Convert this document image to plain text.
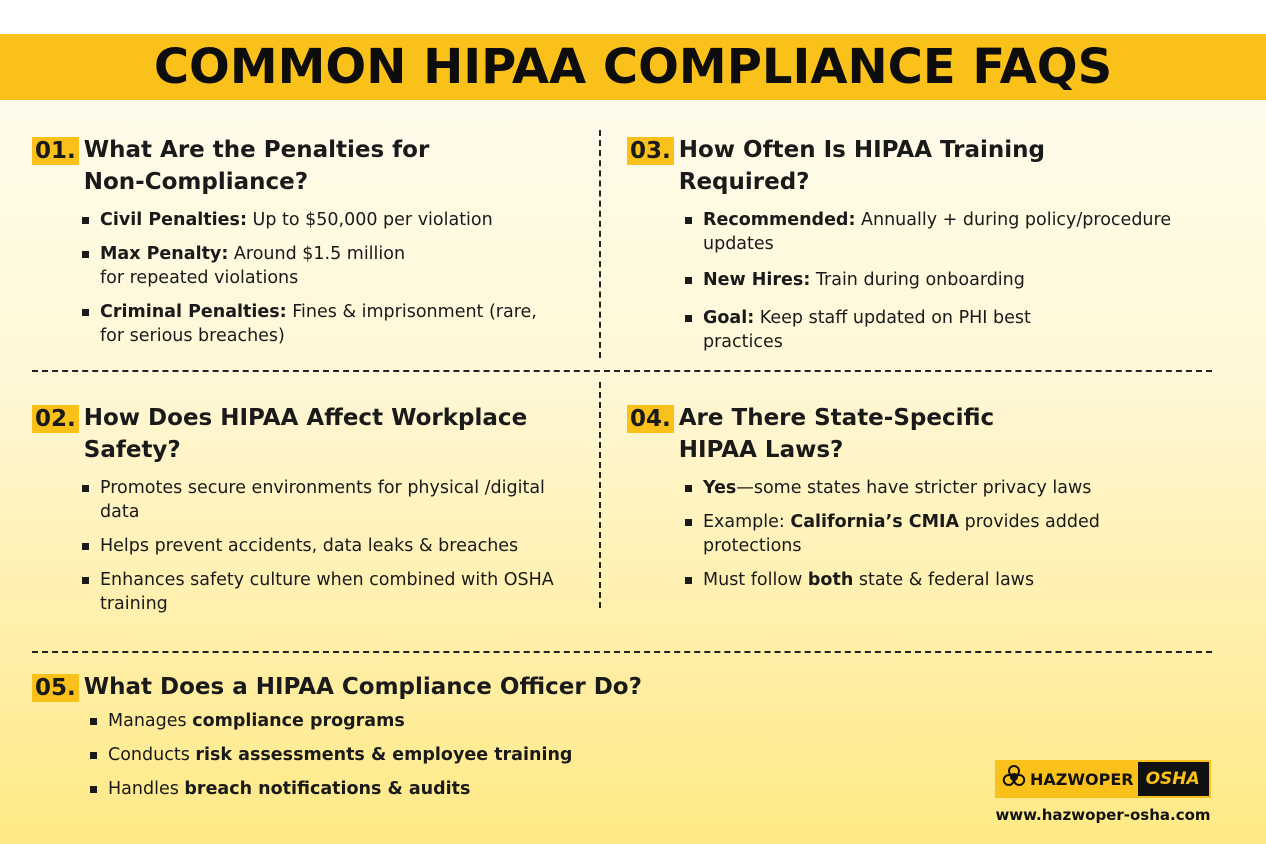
COMMON HIPAA COMPLIANCE FAQS
01. What Are the Penalties for Non-Compliance?
Civil Penalties: Up to $50,000 per violation
Max Penalty: Around $1.5 million for repeated violations
Criminal Penalties: Fines & imprisonment (rare, for serious breaches)
03. How Often Is HIPAA Training Required?
Recommended: Annually + during policy/procedure updates
New Hires: Train during onboarding
Goal: Keep staff updated on PHI best practices
02. How Does HIPAA Affect Workplace Safety?
Promotes secure environments for physical /digital data
Helps prevent accidents, data leaks & breaches
Enhances safety culture when combined with OSHA training
04. Are There State-Specific HIPAA Laws?
Yes—some states have stricter privacy laws
Example: California’s CMIA provides added protections
Must follow both state & federal laws
05. What Does a HIPAA Compliance Officer Do?
Manages compliance programs
Conducts risk assessments & employee training
Handles breach notifications & audits	HAZWOPER OSHA
www.hazwoper-osha.com
